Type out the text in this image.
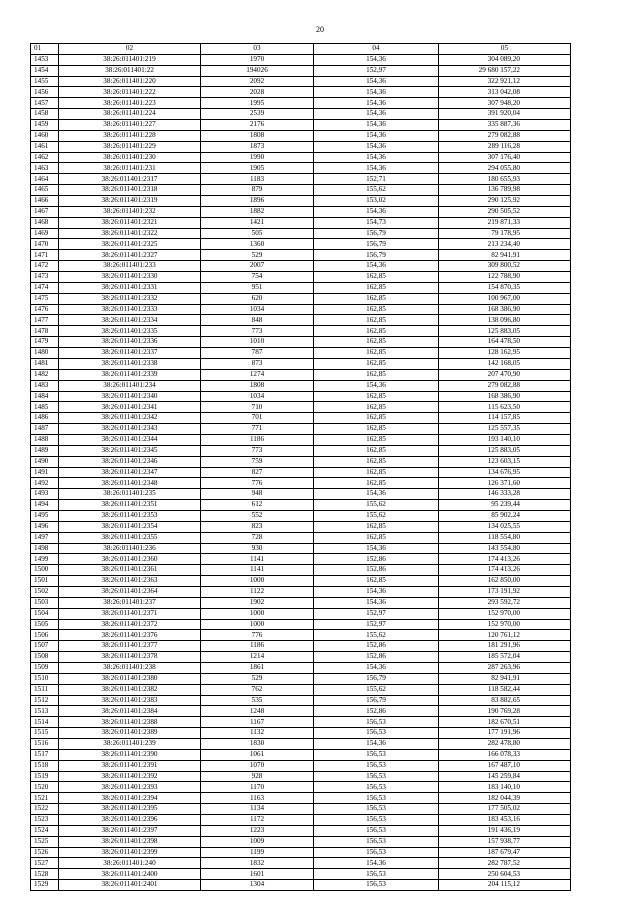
20
01	02	03	04	05
1453	38:26:011401:219	1970	154,36	304 089,20
1454	38:26:011401:22	194026	152,97	29 680 157,22
1455	38:26:011401:220	2092	154,36	322 921,12
1456	38:26:011401:222	2028	154,36	313 042,08
1457	38:26:011401:223	1995	154,36	307 948,20
1458	38:26:011401:224	2539	154,36	391 920,04
1459	38:26:011401:227	2176	154,36	335 887,36
1460	38:26:011401:228	1808	154,36	279 082,88
1461	38:26:011401:229	1873	154,36	289 116,28
1462	38:26:011401:230	1990	154,36	307 176,40
1463	38:26:011401:231	1905	154,36	294 055,80
1464	38:26:011401:2317	1183	152,71	180 655,93
1465	38:26:011401:2318	879	155,62	136 789,98
1466	38:26:011401:2319	1896	153,02	290 125,92
1467	38:26:011401:232	1882	154,36	290 505,52
1468	38:26:011401:2321	1421	154,73	219 871,33
1469	38:26:011401:2322	505	156,79	79 178,95
1470	38:26:011401:2325	1360	156,79	213 234,40
1471	38:26:011401:2327	529	156,79	82 941,91
1472	38:26:011401:233	2007	154,36	309 800,52
1473	38:26:011401:2330	754	162,85	122 788,90
1474	38:26:011401:2331	951	162,85	154 870,35
1475	38:26:011401:2332	620	162,85	100 967,00
1476	38:26:011401:2333	1034	162,85	168 386,90
1477	38:26:011401:2334	848	162,85	138 096,80
1478	38:26:011401:2335	773	162,85	125 883,05
1479	38:26:011401:2336	1010	162,85	164 478,50
1480	38:26:011401:2337	787	162,85	128 162,95
1481	38:26:011401:2338	873	162,85	142 168,05
1482	38:26:011401:2339	1274	162,85	207 470,90
1483	38:26:011401:234	1808	154,36	279 082,88
1484	38:26:011401:2340	1034	162,85	168 386,90
1485	38:26:011401:2341	710	162,85	115 623,50
1486	38:26:011401:2342	701	162,85	114 157,85
1487	38:26:011401:2343	771	162,85	125 557,35
1488	38:26:011401:2344	1186	162,85	193 140,10
1489	38:26:011401:2345	773	162,85	125 883,05
1490	38:26:011401:2346	759	162,85	123 603,15
1491	38:26:011401:2347	827	162,85	134 676,95
1492	38:26:011401:2348	776	162,85	126 371,60
1493	38:26:011401:235	948	154,36	146 333,28
1494	38:26:011401:2351	612	155,62	95 239,44
1495	38:26:011401:2353	552	155,62	85 902,24
1496	38:26:011401:2354	823	162,85	134 025,55
1497	38:26:011401:2355	728	162,85	118 554,80
1498	38:26:011401:236	930	154,36	143 554,80
1499	38:26:011401:2360	1141	152,86	174 413,26
1500	38:26:011401:2361	1141	152,86	174 413,26
1501	38:26:011401:2363	1000	162,85	162 850,00
1502	38:26:011401:2364	1122	154,36	173 191,92
1503	38:26:011401:237	1902	154,36	293 592,72
1504	38:26:011401:2371	1000	152,97	152 970,00
1505	38:26:011401:2372	1000	152,97	152 970,00
1506	38:26:011401:2376	776	155,62	120 761,12
1507	38:26:011401:2377	1186	152,86	181 291,96
1508	38:26:011401:2378	1214	152,86	185 572,04
1509	38:26:011401:238	1861	154,36	287 263,96
1510	38:26:011401:2380	529	156,79	82 941,91
1511	38:26:011401:2382	762	155,62	118 582,44
1512	38:26:011401:2383	535	156,79	83 882,65
1513	38:26:011401:2384	1248	152,86	190 769,28
1514	38:26:011401:2388	1167	156,53	182 670,51
1515	38:26:011401:2389	1132	156,53	177 191,96
1516	38:26:011401:239	1830	154,36	282 478,80
1517	38:26:011401:2390	1061	156,53	166 078,33
1518	38:26:011401:2391	1070	156,53	167 487,10
1519	38:26:011401:2392	928	156,53	145 259,84
1520	38:26:011401:2393	1170	156,53	183 140,10
1521	38:26:011401:2394	1163	156,53	182 044,39
1522	38:26:011401:2395	1134	156,53	177 505,02
1523	38:26:011401:2396	1172	156,53	183 453,16
1524	38:26:011401:2397	1223	156,53	191 436,19
1525	38:26:011401:2398	1009	156,53	157 938,77
1526	38:26:011401:2399	1199	156,53	187 679,47
1527	38:26:011401:240	1832	154,36	282 787,52
1528	38:26:011401:2400	1601	156,53	250 604,53
1529	38:26:011401:2401	1304	156,53	204 115,12
